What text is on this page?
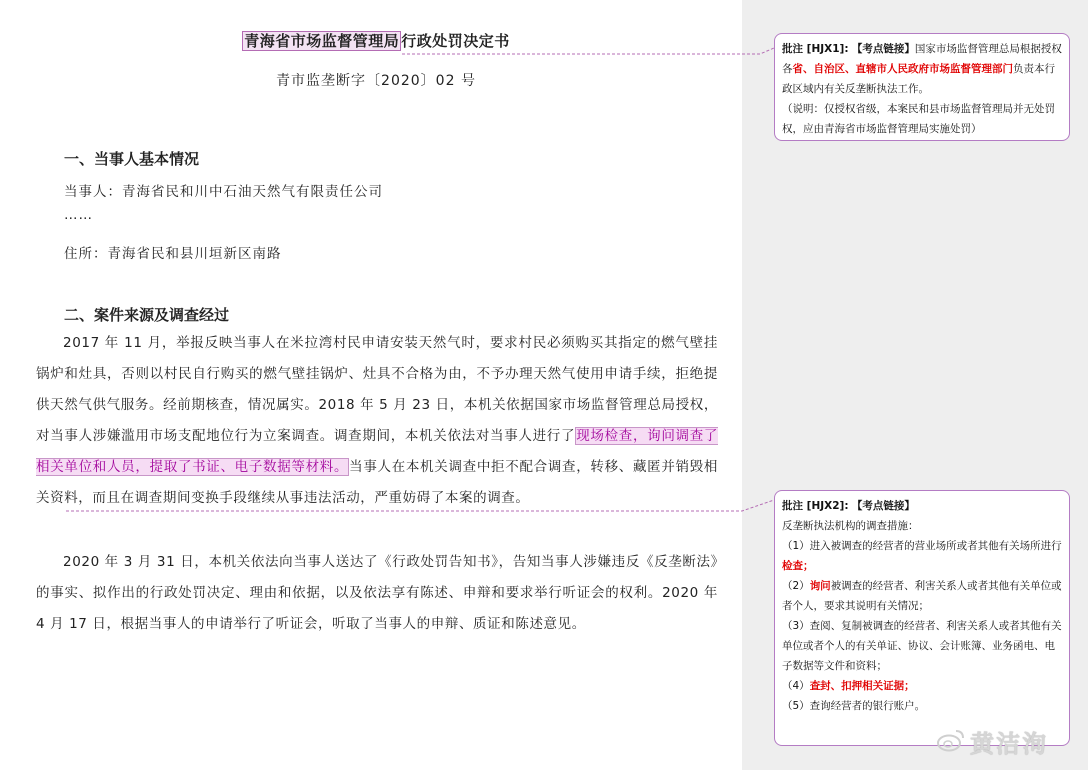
青海省市场监督管理局 行政处罚决定书
青市监垄断字〔2020〕02 号
一、当事人基本情况
当事人：青海省民和川中石油天然气有限责任公司
……
住所：青海省民和县川垣新区南路
二、案件来源及调查经过

2017 年 11 月，举报反映当事人在米拉湾村民申请安装天然气时，要求村民必须购买其指定的燃气壁挂锅炉和灶具，否则以村民自行购买的燃气壁挂锅炉、灶具不合格为由，不予办理天然气使用申请手续，拒绝提供天然气供气服务。经前期核查，情况属实。2018 年 5 月 23 日，本机关依据国家市场监督管理总局授权，对当事人涉嫌滥用市场支配地位行为立案调查。调查期间，本机关依法对当事人进行了现场检查，询问调查了相关单位和人员，提取了书证、电子数据等材料。当事人在本机关调查中拒不配合调查，转移、藏匿并销毁相关资料，而且在调查期间变换手段继续从事违法活动，严重妨碍了本案的调查。

2020 年 3 月 31 日，本机关依法向当事人送达了《行政处罚告知书》，告知当事人涉嫌违反《反垄断法》的事实、拟作出的行政处罚决定、理由和依据，以及依法享有陈述、申辩和要求举行听证会的权利。2020 年 4 月 17 日，根据当事人的申请举行了听证会，听取了当事人的申辩、质证和陈述意见。

批注 [HJX1]: 【考点链接】国家市场监督管理总局根据授权各省、自治区、直辖市人民政府市场监督管理部门负责本行政区域内有关反垄断执法工作。
（说明：仅授权省级，本案民和县市场监督管理局并无处罚权，应由青海省市场监督管理局实施处罚）
批注 [HJX2]: 【考点链接】
反垄断执法机构的调查措施：
（1）进入被调查的经营者的营业场所或者其他有关场所进行检查；
（2）询问被调查的经营者、利害关系人或者其他有关单位或者个人，要求其说明有关情况；
（3）查阅、复制被调查的经营者、利害关系人或者其他有关单位或者个人的有关单证、协议、会计账簿、业务函电、电子数据等文件和资料；
（4）查封、扣押相关证据；
（5）查询经营者的银行账户。
黄洁洵
